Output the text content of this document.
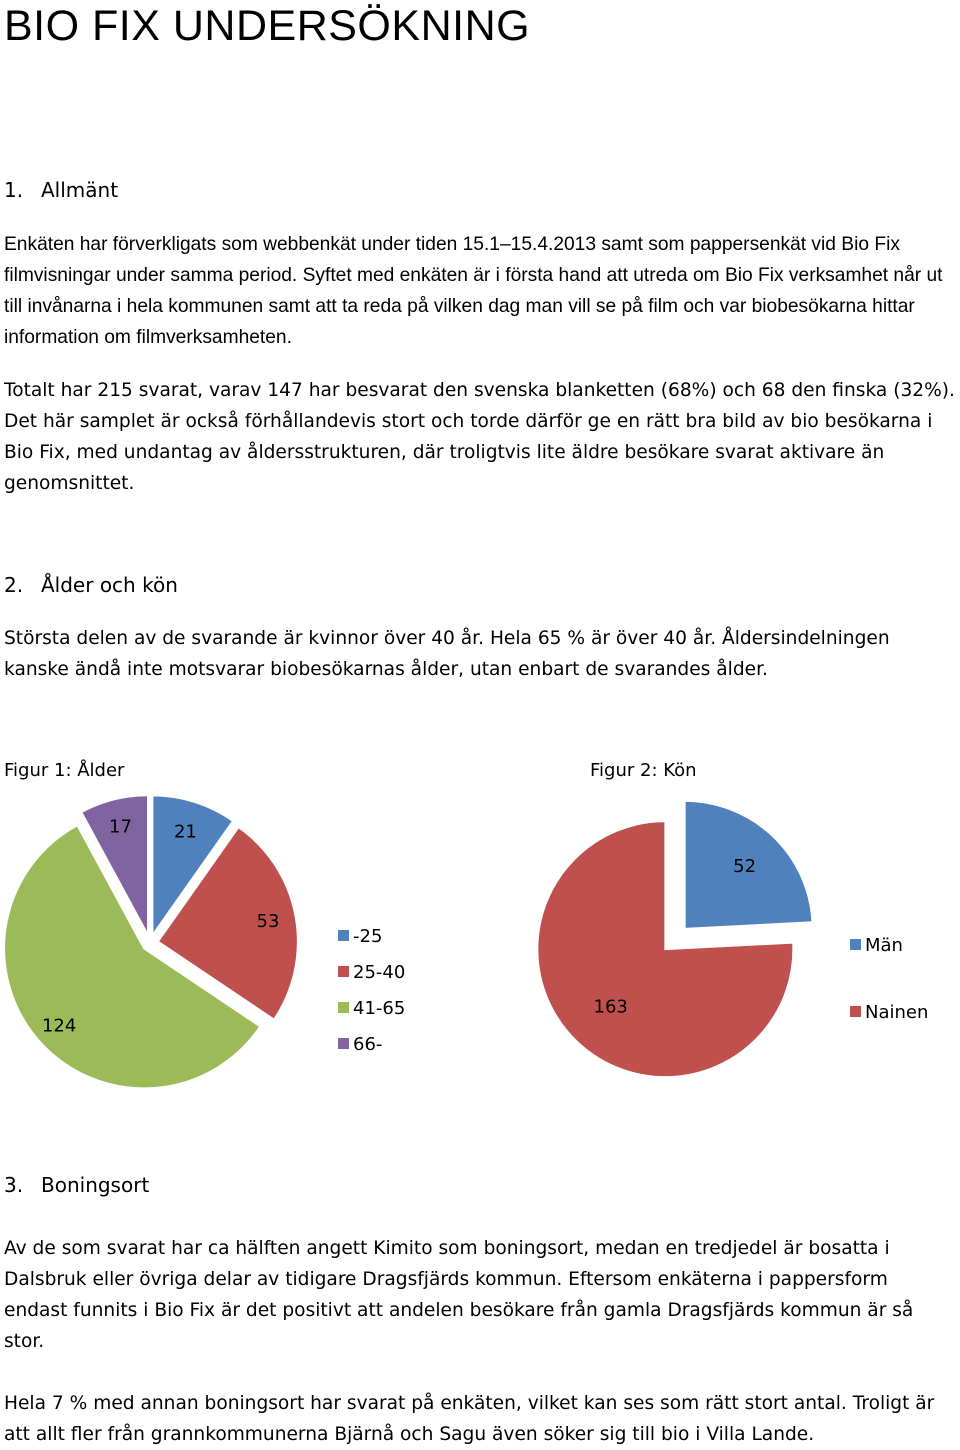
BIO FIX UNDERSÖKNING
1. Allmänt

Enkäten har förverkligats som webbenkät under tiden 15.1–15.4.2013 samt som pappersenkät vid Bio Fix filmvisningar under samma period. Syftet med enkäten är i första hand att utreda om Bio Fix verksamhet når ut till invånarna i hela kommunen samt att ta reda på vilken dag man vill se på film och var biobesökarna hittar information om filmverksamheten.

Totalt har 215 svarat, varav 147 har besvarat den svenska blanketten (68%) och 68 den finska (32%). Det här samplet är också förhållandevis stort och torde därför ge en rätt bra bild av bio besökarna i Bio Fix, med undantag av åldersstrukturen, där troligtvis lite äldre besökare svarat aktivare än genomsnittet.

2. Ålder och kön

Största delen av de svarande är kvinnor över 40 år. Hela 65 % är över 40 år. Åldersindelningen kanske ändå inte motsvarar biobesökarnas ålder, utan enbart de svarandes ålder.

Figur 1: Ålder	Figur 2: Kön

21
53
124
17
-25
25-40
41-65
66-
52
163
Män
Nainen
3. Boningsort

Av de som svarat har ca hälften angett Kimito som boningsort, medan en tredjedel är bosatta i Dalsbruk eller övriga delar av tidigare Dragsfjärds kommun. Eftersom enkäterna i pappersform endast funnits i Bio Fix är det positivt att andelen besökare från gamla Dragsfjärds kommun är så stor.

Hela 7 % med annan boningsort har svarat på enkäten, vilket kan ses som rätt stort antal. Troligt är att allt fler från grannkommunerna Bjärnå och Sagu även söker sig till bio i Villa Lande.
